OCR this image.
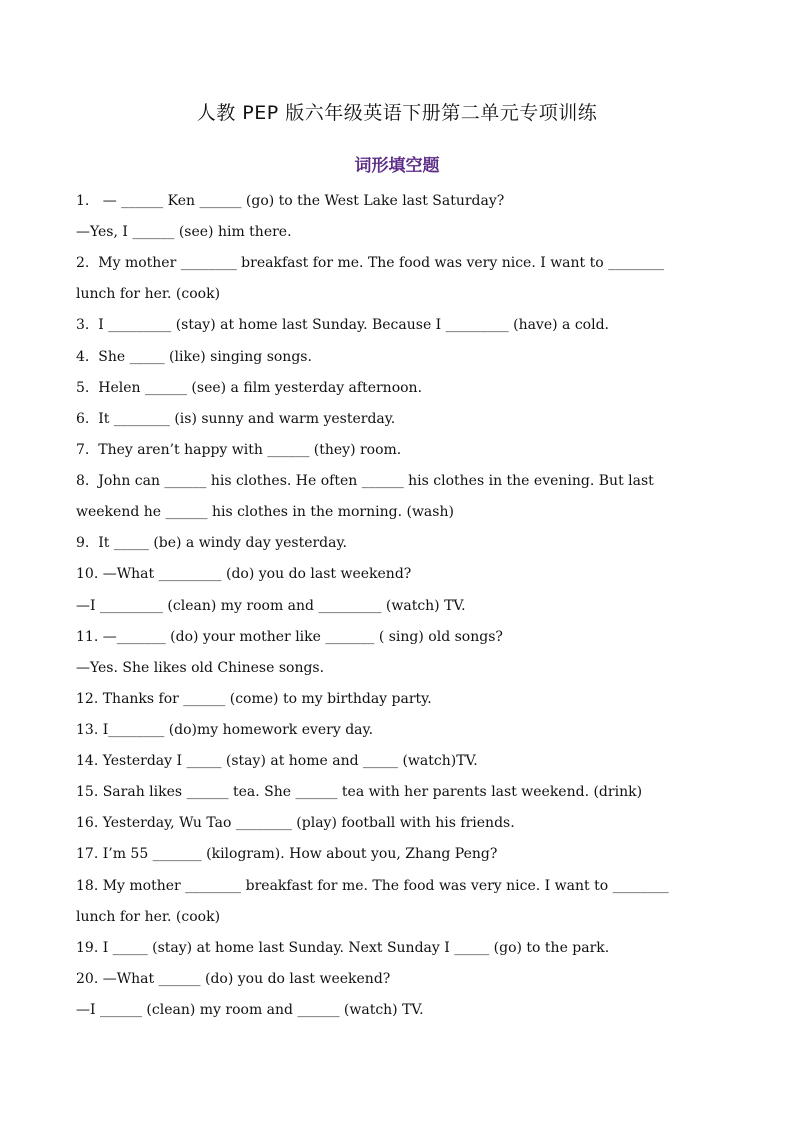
人教 PEP 版六年级英语下册第二单元专项训练
词形填空题
1.   — ______ Ken ______ (go) to the West Lake last Saturday?
—Yes, I ______ (see) him there.
2.  My mother ________ breakfast for me. The food was very nice. I want to ________
lunch for her. (cook)
3.  I _________ (stay) at home last Sunday. Because I _________ (have) a cold.
4.  She _____ (like) singing songs.
5.  Helen ______ (see) a film yesterday afternoon.
6.  It ________ (is) sunny and warm yesterday.
7.  They aren’t happy with ______ (they) room.
8.  John can ______ his clothes. He often ______ his clothes in the evening. But last
weekend he ______ his clothes in the morning. (wash)
9.  It _____ (be) a windy day yesterday.
10. —What _________ (do) you do last weekend?
—I _________ (clean) my room and _________ (watch) TV.
11. —_______ (do) your mother like _______ ( sing) old songs?
—Yes. She likes old Chinese songs.
12. Thanks for ______ (come) to my birthday party.
13. I________ (do)my homework every day.
14. Yesterday I _____ (stay) at home and _____ (watch)TV.
15. Sarah likes ______ tea. She ______ tea with her parents last weekend. (drink)
16. Yesterday, Wu Tao ________ (play) football with his friends.
17. I’m 55 _______ (kilogram). How about you, Zhang Peng?
18. My mother ________ breakfast for me. The food was very nice. I want to ________
lunch for her. (cook)
19. I _____ (stay) at home last Sunday. Next Sunday I _____ (go) to the park.
20. —What ______ (do) you do last weekend?
—I ______ (clean) my room and ______ (watch) TV.
